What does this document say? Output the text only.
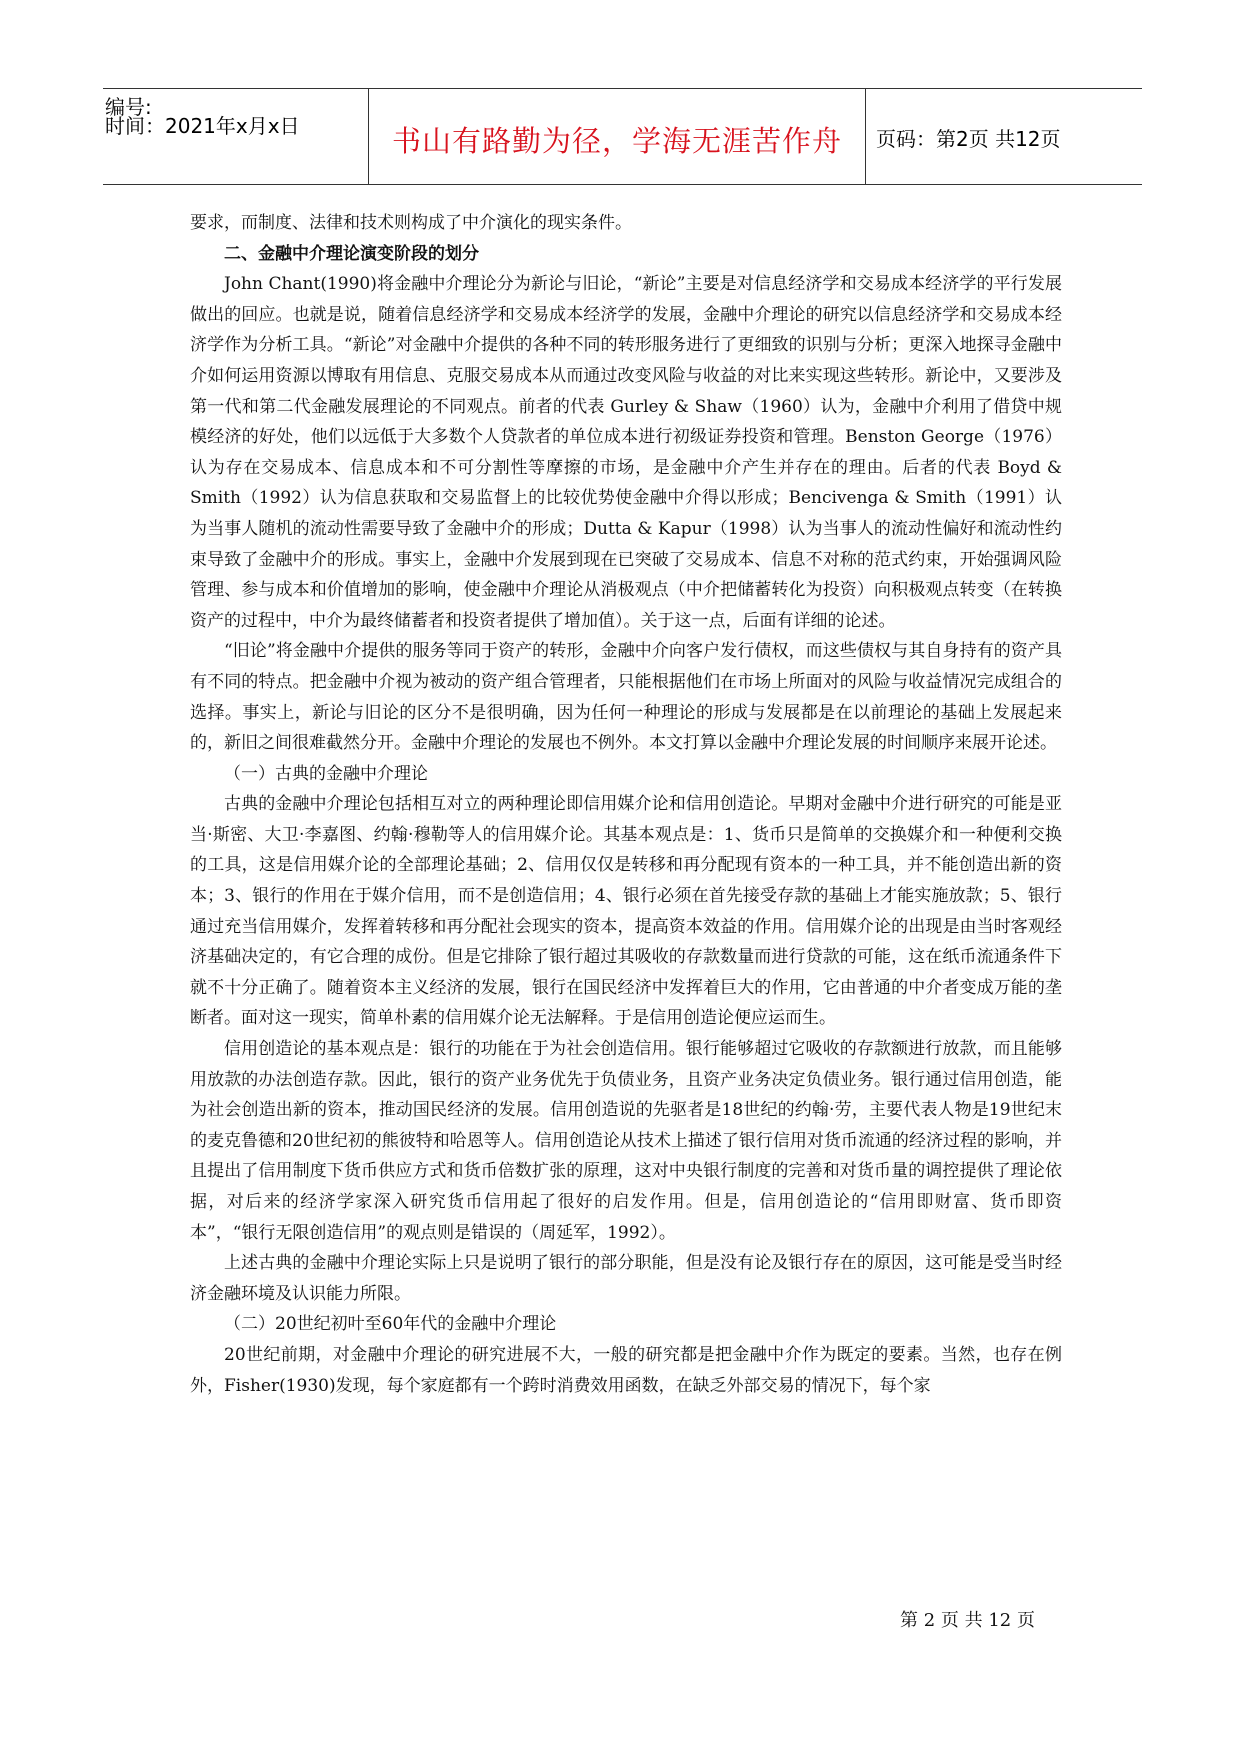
编号:
时间：2021年x月x日	书山有路勤为径，学海无涯苦作舟	页码：第2页 共12页

要求，而制度、法律和技术则构成了中介演化的现实条件。

二、金融中介理论演变阶段的划分

John Chant(1990)将金融中介理论分为新论与旧论，“新论”主要是对信息经济学和交易成本经济学的平行发展做出的回应。也就是说，随着信息经济学和交易成本经济学的发展，金融中介理论的研究以信息经济学和交易成本经济学作为分析工具。“新论”对金融中介提供的各种不同的转形服务进行了更细致的识别与分析；更深入地探寻金融中介如何运用资源以博取有用信息、克服交易成本从而通过改变风险与收益的对比来实现这些转形。新论中，又要涉及第一代和第二代金融发展理论的不同观点。前者的代表 Gurley & Shaw（1960）认为，金融中介利用了借贷中规模经济的好处，他们以远低于大多数个人贷款者的单位成本进行初级证券投资和管理。Benston George（1976）认为存在交易成本、信息成本和不可分割性等摩擦的市场，是金融中介产生并存在的理由。后者的代表 Boyd & Smith（1992）认为信息获取和交易监督上的比较优势使金融中介得以形成；Bencivenga & Smith（1991）认为当事人随机的流动性需要导致了金融中介的形成；Dutta & Kapur（1998）认为当事人的流动性偏好和流动性约束导致了金融中介的形成。事实上，金融中介发展到现在已突破了交易成本、信息不对称的范式约束，开始强调风险管理、参与成本和价值增加的影响，使金融中介理论从消极观点（中介把储蓄转化为投资）向积极观点转变（在转换资产的过程中，中介为最终储蓄者和投资者提供了增加值）。关于这一点，后面有详细的论述。

“旧论”将金融中介提供的服务等同于资产的转形，金融中介向客户发行债权，而这些债权与其自身持有的资产具有不同的特点。把金融中介视为被动的资产组合管理者，只能根据他们在市场上所面对的风险与收益情况完成组合的选择。事实上，新论与旧论的区分不是很明确，因为任何一种理论的形成与发展都是在以前理论的基础上发展起来的，新旧之间很难截然分开。金融中介理论的发展也不例外。本文打算以金融中介理论发展的时间顺序来展开论述。

（一）古典的金融中介理论

古典的金融中介理论包括相互对立的两种理论即信用媒介论和信用创造论。早期对金融中介进行研究的可能是亚当·斯密、大卫·李嘉图、约翰·穆勒等人的信用媒介论。其基本观点是：1、货币只是简单的交换媒介和一种便利交换的工具，这是信用媒介论的全部理论基础；2、信用仅仅是转移和再分配现有资本的一种工具，并不能创造出新的资本；3、银行的作用在于媒介信用，而不是创造信用；4、银行必须在首先接受存款的基础上才能实施放款；5、银行通过充当信用媒介，发挥着转移和再分配社会现实的资本，提高资本效益的作用。信用媒介论的出现是由当时客观经济基础决定的，有它合理的成份。但是它排除了银行超过其吸收的存款数量而进行贷款的可能，这在纸币流通条件下就不十分正确了。随着资本主义经济的发展，银行在国民经济中发挥着巨大的作用，它由普通的中介者变成万能的垄断者。面对这一现实，简单朴素的信用媒介论无法解释。于是信用创造论便应运而生。

信用创造论的基本观点是：银行的功能在于为社会创造信用。银行能够超过它吸收的存款额进行放款，而且能够用放款的办法创造存款。因此，银行的资产业务优先于负债业务，且资产业务决定负债业务。银行通过信用创造，能为社会创造出新的资本，推动国民经济的发展。信用创造说的先驱者是18世纪的约翰·劳，主要代表人物是19世纪末的麦克鲁德和20世纪初的熊彼特和哈恩等人。信用创造论从技术上描述了银行信用对货币流通的经济过程的影响，并且提出了信用制度下货币供应方式和货币倍数扩张的原理，这对中央银行制度的完善和对货币量的调控提供了理论依据，对后来的经济学家深入研究货币信用起了很好的启发作用。但是，信用创造论的“信用即财富、货币即资本”，“银行无限创造信用”的观点则是错误的（周延军，1992）。

上述古典的金融中介理论实际上只是说明了银行的部分职能，但是没有论及银行存在的原因，这可能是受当时经济金融环境及认识能力所限。

（二）20世纪初叶至60年代的金融中介理论

20世纪前期，对金融中介理论的研究进展不大，一般的研究都是把金融中介作为既定的要素。当然，也存在例外，Fisher(1930)发现，每个家庭都有一个跨时消费效用函数，在缺乏外部交易的情况下，每个家

第 2 页 共 12 页
